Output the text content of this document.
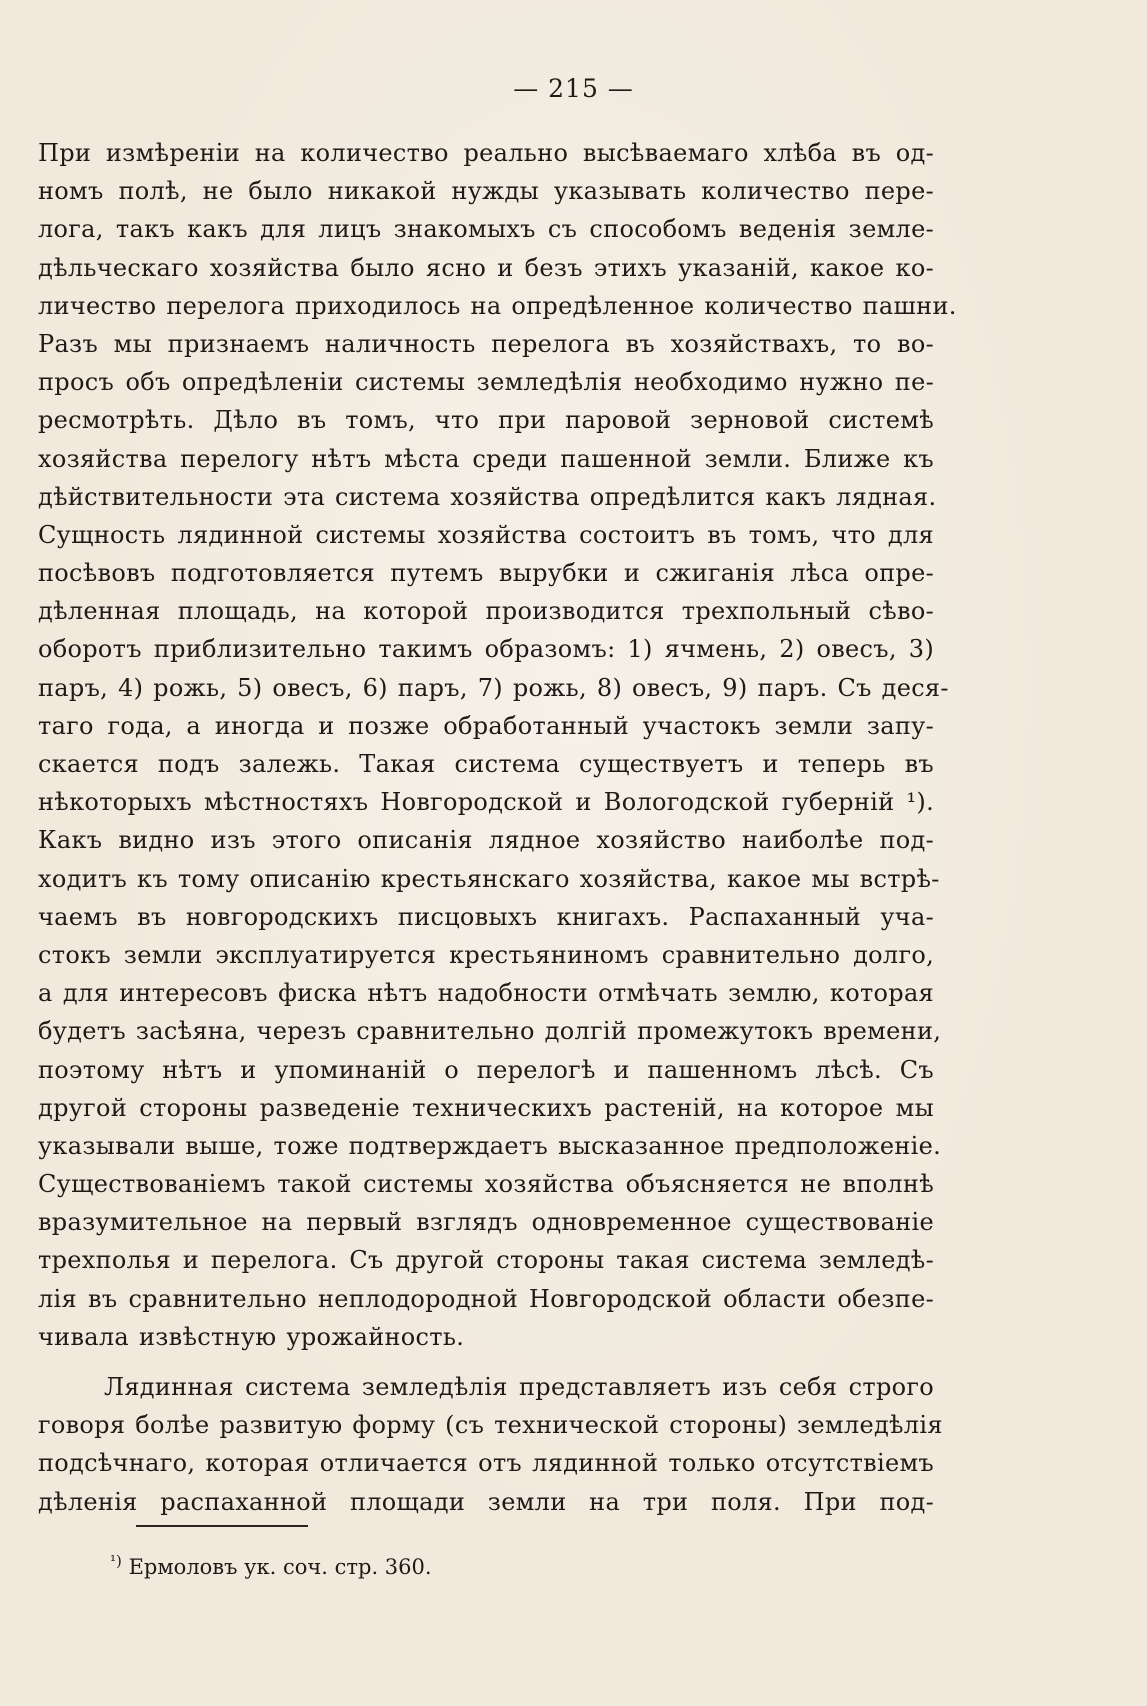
— 215 —
При измѣреніи на количество реально высѣваемаго хлѣба въ од-
номъ полѣ, не было никакой нужды указывать количество пере-
лога, такъ какъ для лицъ знакомыхъ съ способомъ веденія земле-
дѣльческаго хозяйства было ясно и безъ этихъ указаній, какое ко-
личество перелога приходилось на опредѣленное количество пашни.
Разъ мы признаемъ наличность перелога въ хозяйствахъ, то во-
просъ объ опредѣленіи системы земледѣлія необходимо нужно пе-
ресмотрѣть. Дѣло въ томъ, что при паровой зерновой системѣ
хозяйства перелогу нѣтъ мѣста среди пашенной земли. Ближе къ
дѣйствительности эта система хозяйства опредѣлится какъ лядная.
Сущность лядинной системы хозяйства состоитъ въ томъ, что для
посѣвовъ подготовляется путемъ вырубки и сжиганія лѣса опре-
дѣленная площадь, на которой производится трехпольный сѣво-
оборотъ приблизительно такимъ образомъ: 1) ячмень, 2) овесъ, 3)
паръ, 4) рожь, 5) овесъ, 6) паръ, 7) рожь, 8) овесъ, 9) паръ. Съ деся-
таго года, а иногда и позже обработанный участокъ земли запу-
скается подъ залежь. Такая система существуетъ и теперь въ
нѣкоторыхъ мѣстностяхъ Новгородской и Вологодской губерній ¹).
Какъ видно изъ этого описанія лядное хозяйство наиболѣе под-
ходитъ къ тому описанію крестьянскаго хозяйства, какое мы встрѣ-
чаемъ въ новгородскихъ писцовыхъ книгахъ. Распаханный уча-
стокъ земли эксплуатируется крестьяниномъ сравнительно долго,
а для интересовъ фиска нѣтъ надобности отмѣчать землю, которая
будетъ засѣяна, черезъ сравнительно долгій промежутокъ времени,
поэтому нѣтъ и упоминаній о перелогѣ и пашенномъ лѣсѣ. Съ
другой стороны разведеніе техническихъ растеній, на которое мы
указывали выше, тоже подтверждаетъ высказанное предположеніе.
Существованіемъ такой системы хозяйства объясняется не вполнѣ
вразумительное на первый взглядъ одновременное существованіе
трехполья и перелога. Съ другой стороны такая система земледѣ-
лія въ сравнительно неплодородной Новгородской области обезпе-
чивала извѣстную урожайность.
Лядинная система земледѣлія представляетъ изъ себя строго
говоря болѣе развитую форму (съ технической стороны) земледѣлія
подсѣчнаго, которая отличается отъ лядинной только отсутствіемъ
дѣленія распаханной площади земли на три поля. При под-
$^{^1)}$ Ермоловъ ук. соч. стр. 360.
